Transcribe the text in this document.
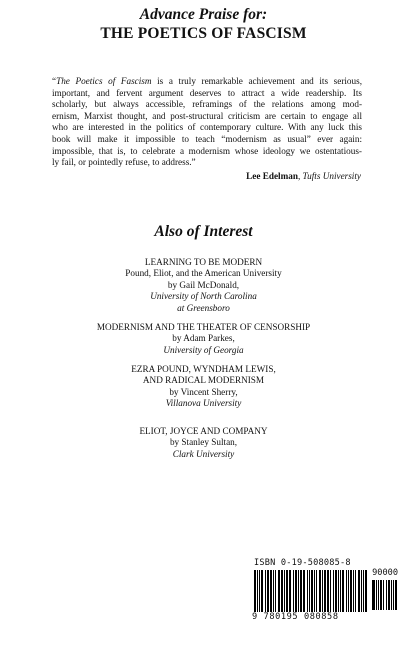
Advance Praise for:
THE POETICS OF FASCISM
“The Poetics of Fascism is a truly remarkable achievement and its serious,
important, and fervent argument deserves to attract a wide readership. Its
scholarly, but always accessible, reframings of the relations among mod-
ernism, Marxist thought, and post-structural criticism are certain to engage all
who are interested in the politics of contemporary culture. With any luck this
book will make it impossible to teach “modernism as usual” ever again:
impossible, that is, to celebrate a modernism whose ideology we ostentatious-
ly fail, or pointedly refuse, to address.”
Lee Edelman, Tufts University
Also of Interest
LEARNING TO BE MODERN
Pound, Eliot, and the American University
by Gail McDonald,
University of North Carolina
at Greensboro
MODERNISM AND THE THEATER OF CENSORSHIP
by Adam Parkes,
University of Georgia
EZRA POUND, WYNDHAM LEWIS,
AND RADICAL MODERNISM
by Vincent Sherry,
Villanova University
ELIOT, JOYCE AND COMPANY
by Stanley Sultan,
Clark University
ISBN 0-19-508085-8
90000
9 780195 080858
